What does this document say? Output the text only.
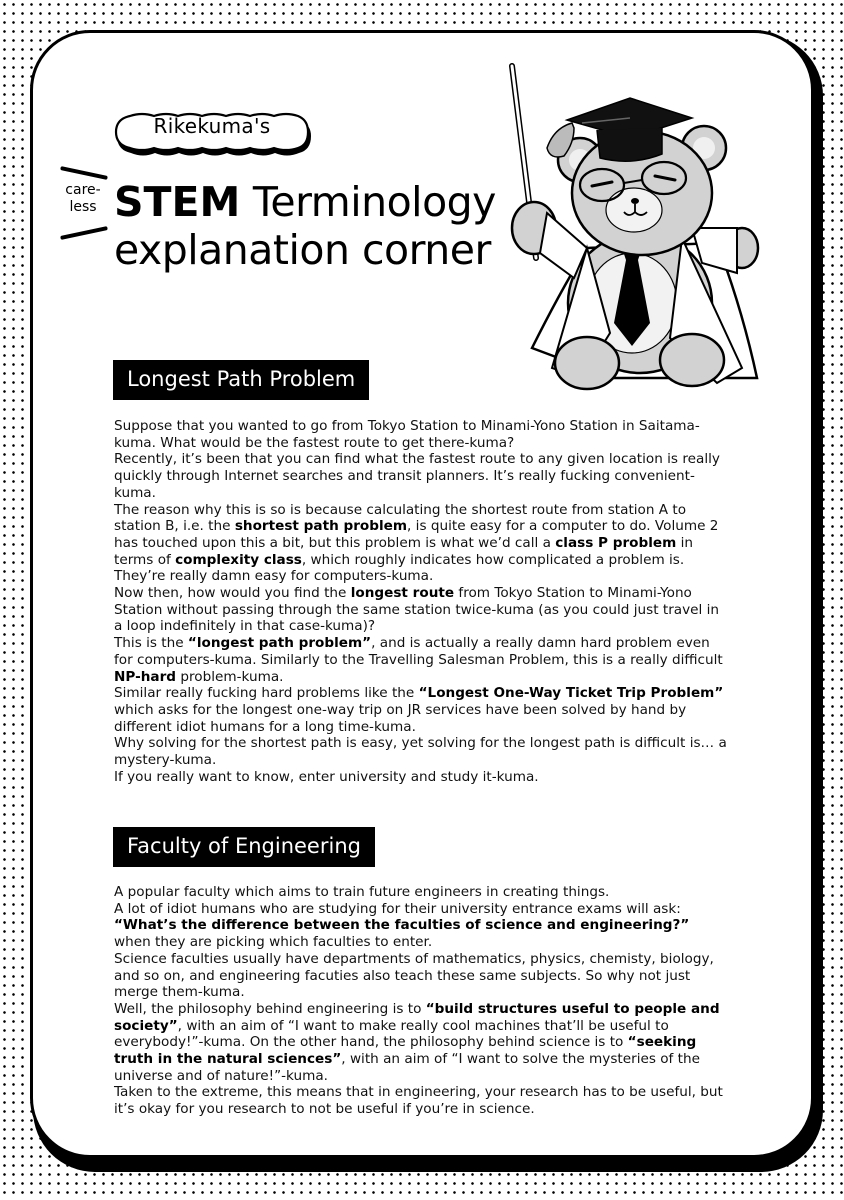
Rikekuma's
care-
less STEM Terminology
explanation corner
Longest Path Problem

Suppose that you wanted to go from Tokyo Station to Minami-Yono Station in Saitama-kuma. What would be the fastest route to get there-kuma?

Recently, it’s been that you can find what the fastest route to any given location is really quickly through Internet searches and transit planners. It’s really fucking convenient-kuma.

The reason why this is so is because calculating the shortest route from station A to station B, i.e. the shortest path problem, is quite easy for a computer to do. Volume 2 has touched upon this a bit, but this problem is what we’d call a class P problem in terms of complexity class, which roughly indicates how complicated a problem is. They’re really damn easy for computers-kuma.

Now then, how would you find the longest route from Tokyo Station to Minami-Yono Station without passing through the same station twice-kuma (as you could just travel in a loop indefinitely in that case-kuma)?

This is the “longest path problem”, and is actually a really damn hard problem even for computers-kuma. Similarly to the Travelling Salesman Problem, this is a really difficult NP-hard problem-kuma.

Similar really fucking hard problems like the “Longest One-Way Ticket Trip Problem” which asks for the longest one-way trip on JR services have been solved by hand by different idiot humans for a long time-kuma.

Why solving for the shortest path is easy, yet solving for the longest path is difficult is… a mystery-kuma.

If you really want to know, enter university and study it-kuma.

Faculty of Engineering

A popular faculty which aims to train future engineers in creating things.

A lot of idiot humans who are studying for their university entrance exams will ask: “What’s the difference between the faculties of science and engineering?” when they are picking which faculties to enter.

Science faculties usually have departments of mathematics, physics, chemisty, biology, and so on, and engineering facuties also teach these same subjects. So why not just merge them-kuma.

Well, the philosophy behind engineering is to “build structures useful to people and society”, with an aim of “I want to make really cool machines that’ll be useful to everybody!”-kuma. On the other hand, the philosophy behind science is to “seeking truth in the natural sciences”, with an aim of “I want to solve the mysteries of the universe and of nature!”-kuma.

Taken to the extreme, this means that in engineering, your research has to be useful, but it’s okay for you research to not be useful if you’re in science.
